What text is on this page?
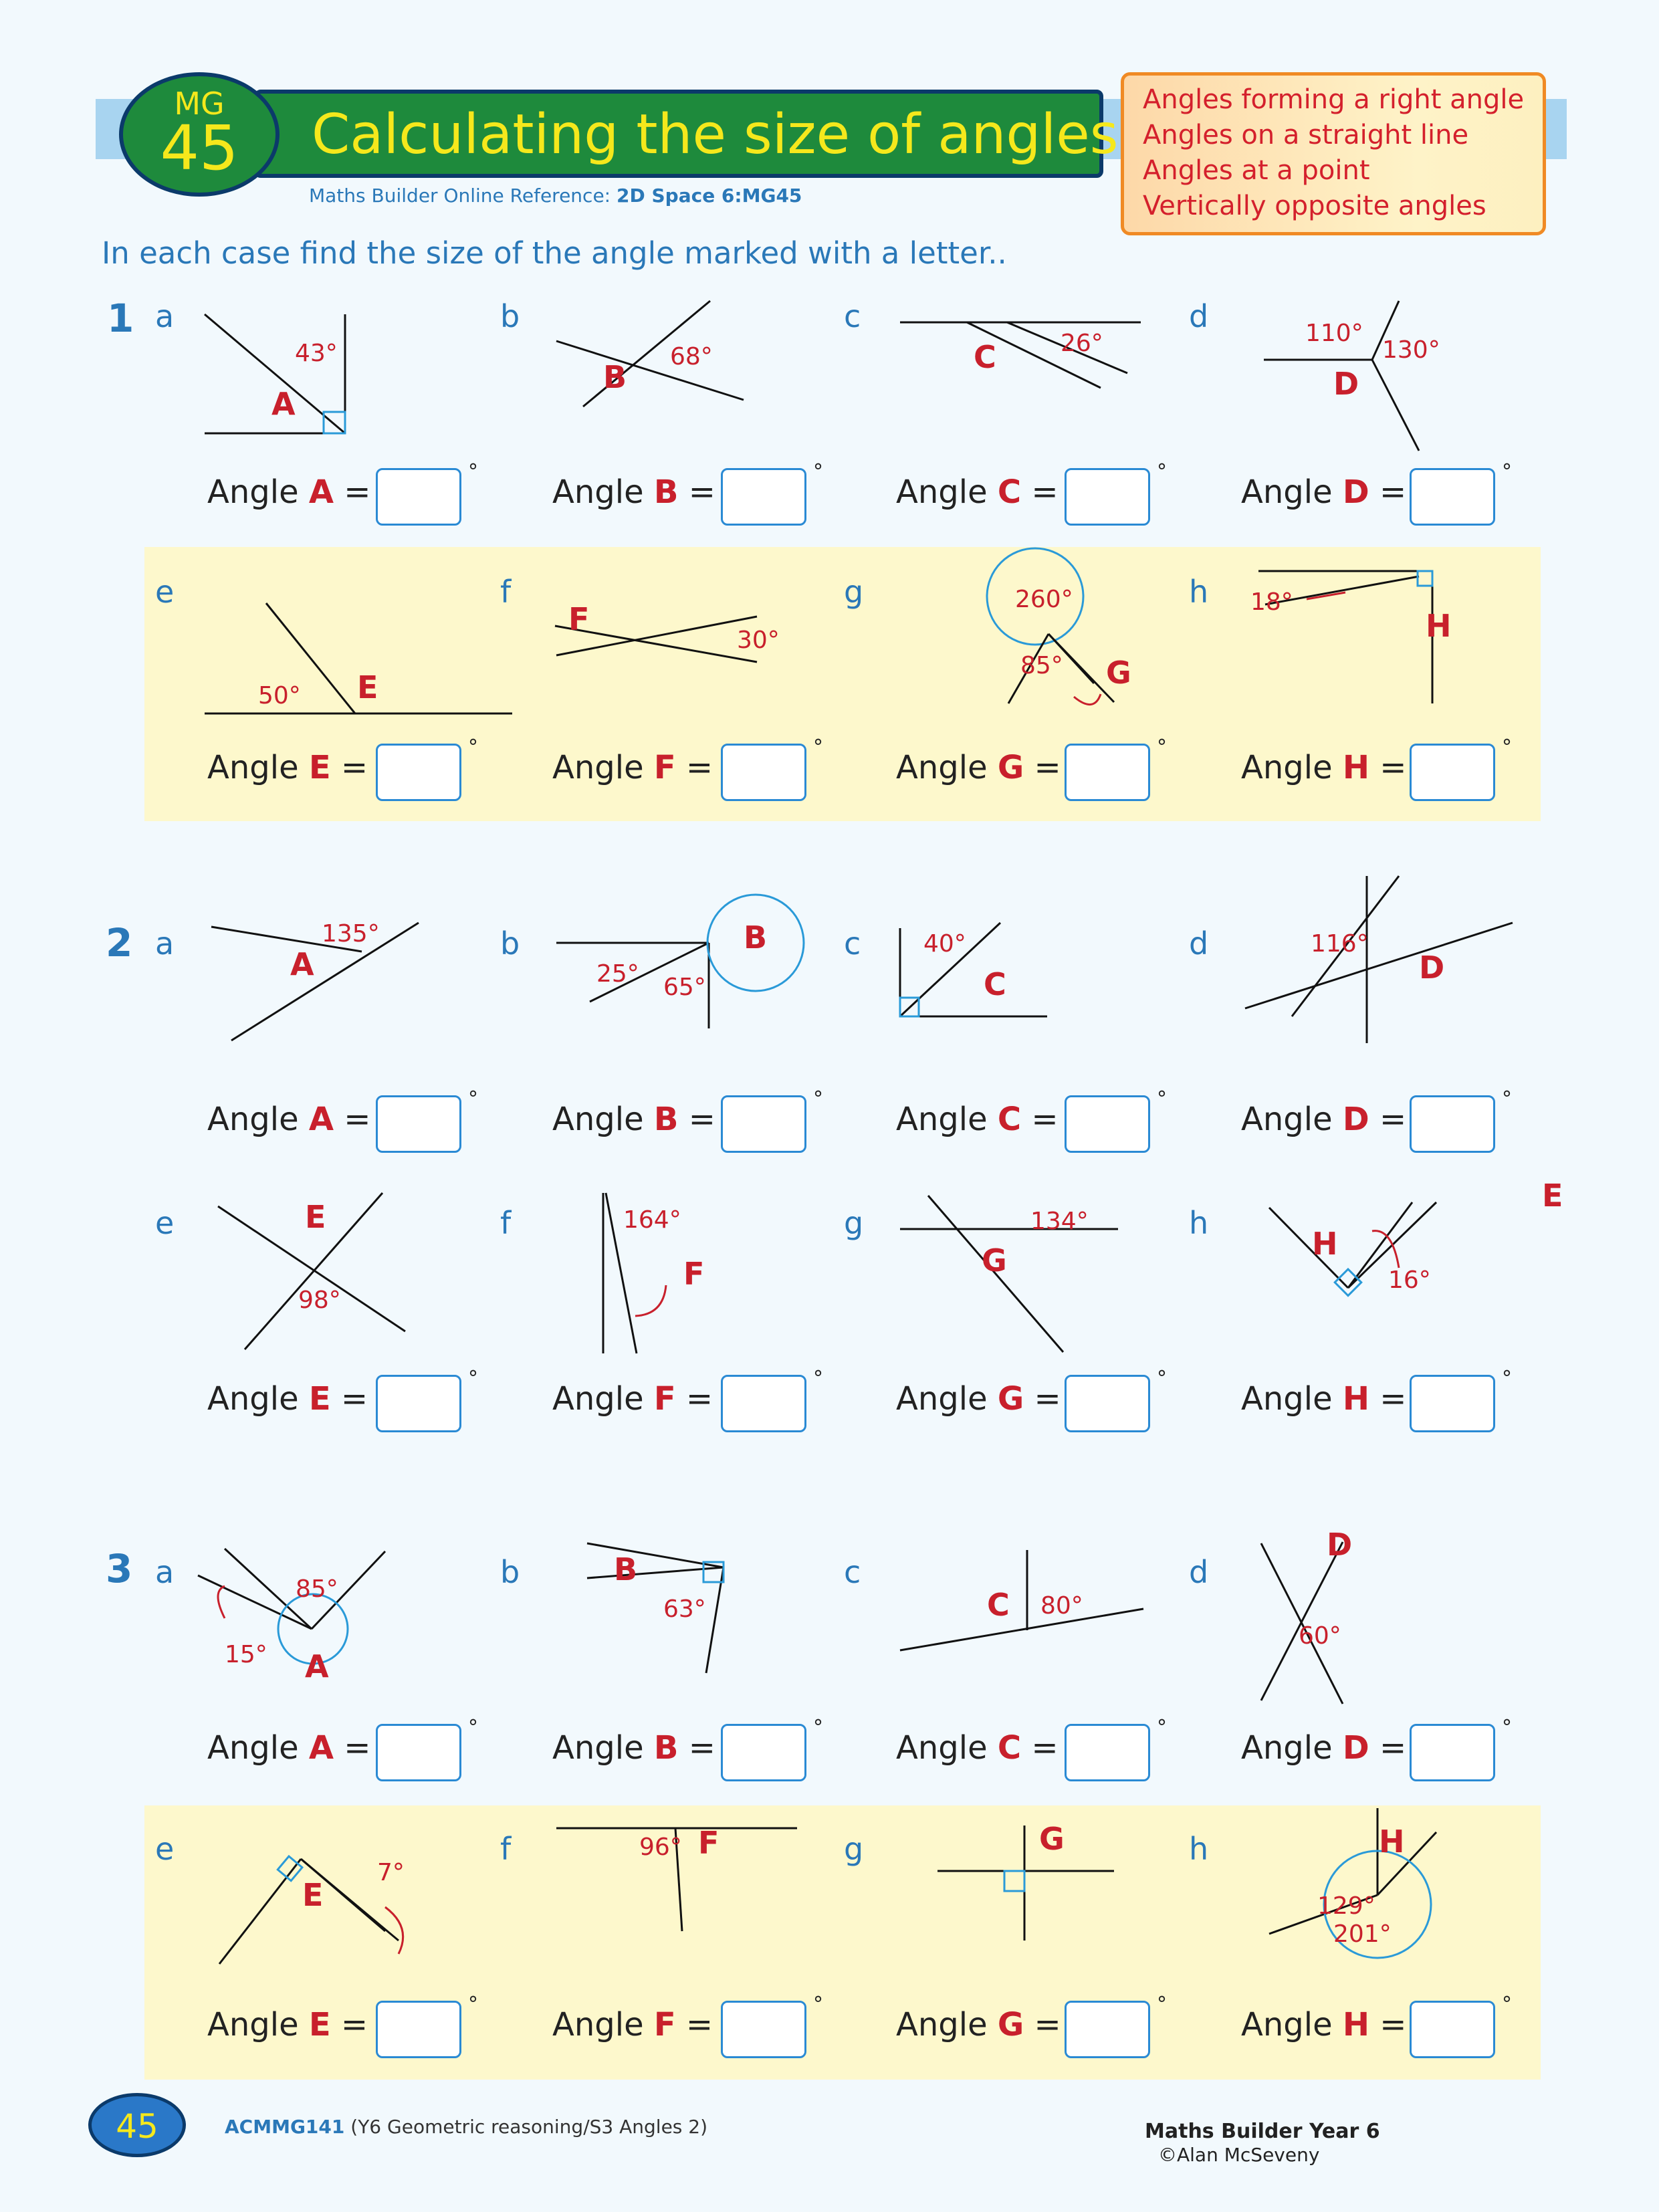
Calculating the size of angles
MG
45
Maths Builder Online Reference: 2D Space 6:MG45
Angles forming a right angle
Angles on a straight line
Angles at a point
Vertically opposite angles
In each case find the size of the angle marked with a letter..
1
2
3
a
43°
A
Angle A =
°
b
68°
B
Angle B =
°
c
26°
C
Angle C =
°
d	110°
130°
D
Angle D =
°
e
50° E
Angle E =
°
f
30°
F
Angle F =
°
g	260°
85° G
Angle G =
°
h 18°
H
Angle H =
°
a	135°
A
Angle A =
°
b
25° 65°
B
Angle B =
°
c	40°
C
Angle C =
°
d	116°
D
Angle D =
°
e	E
98°
Angle E =
°
f	164°
F
Angle F =
°
g	134°
G
Angle G =
°
h
E
H
16°
Angle H =
°
a	85°
15° A
Angle A =
°
b	B
63°
Angle B =
°
c
C 80°
Angle C =
°
d
D
60°
Angle D =
°
e
7°
E
Angle E =
°
f	96° F
Angle F =
°
g	G
Angle G =
°
h
129°
201°
H
Angle H =
°
45	ACMMG141 (Y6 Geometric reasoning/S3 Angles 2)	Maths Builder Year 6
©Alan McSeveny
